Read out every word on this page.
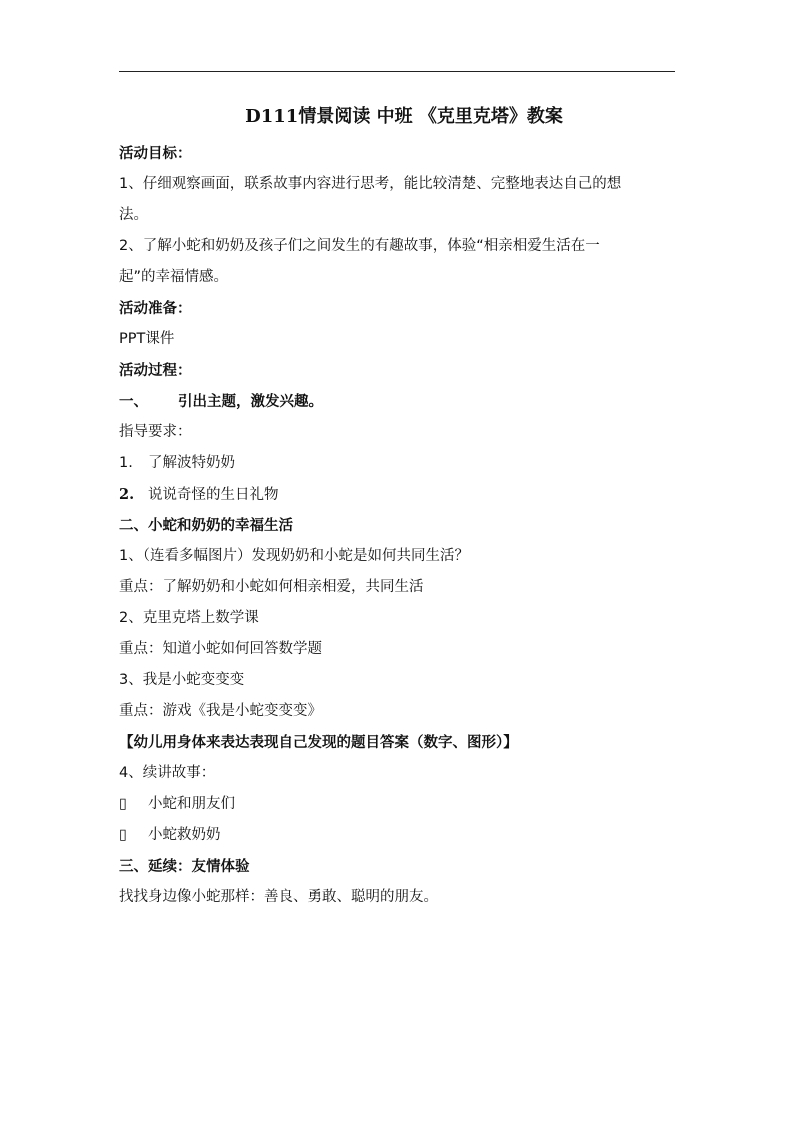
D111情景阅读 中班 《克里克塔》教案

活动目标：

1、仔细观察画面，联系故事内容进行思考，能比较清楚、完整地表达自己的想

法。

2、了解小蛇和奶奶及孩子们之间发生的有趣故事，体验“相亲相爱生活在一

起”的幸福情感。

活动准备：

PPT课件

活动过程：

一、 引出主题，激发兴趣。

指导要求：

1. 了解波特奶奶

2. 说说奇怪的生日礼物

二、小蛇和奶奶的幸福生活

1、（连看多幅图片）发现奶奶和小蛇是如何共同生活？

重点：了解奶奶和小蛇如何相亲相爱，共同生活

2、克里克塔上数学课

重点：知道小蛇如何回答数学题

3、我是小蛇变变变

重点：游戏《我是小蛇变变变》

【幼儿用身体来表达表现自己发现的题目答案（数字、图形）】

4、续讲故事：

▯ 小蛇和朋友们

▯ 小蛇救奶奶

三、延续：友情体验

找找身边像小蛇那样：善良、勇敢、聪明的朋友。
